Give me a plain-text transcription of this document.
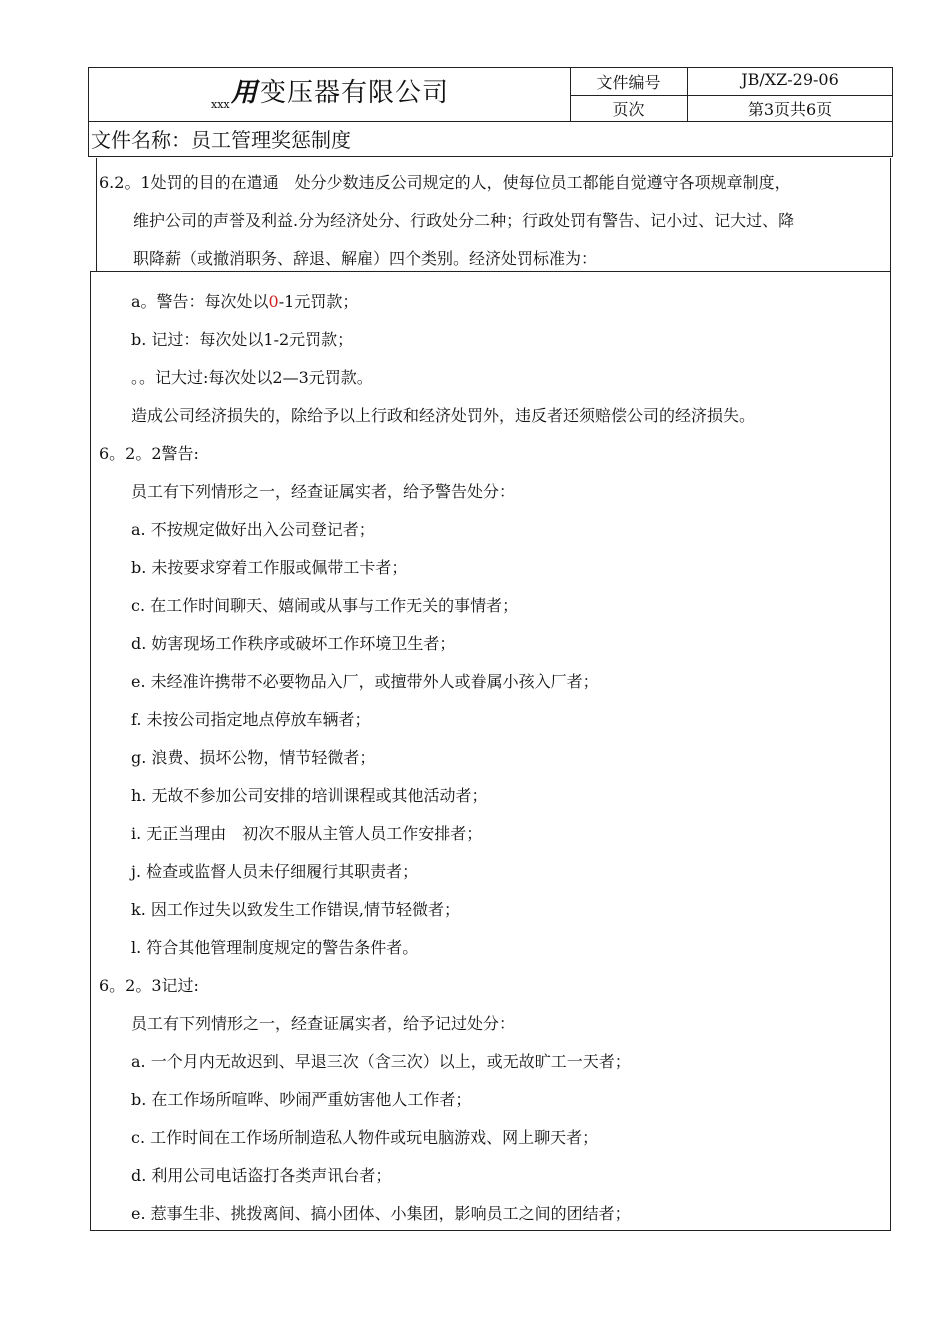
用变压器有限公司
xxx
文件编号	JB/XZ-29-06
页次	第3页共6页
文件名称：员工管理奖惩制度
6.2。1处罚的目的在遣通　处分少数违反公司规定的人，使每位员工都能自觉遵守各项规章制度，
维护公司的声誉及利益.分为经济处分、行政处分二种；行政处罚有警告、记小过、记大过、降
职降薪（或撤消职务、辞退、解雇）四个类别。经济处罚标准为：
a。警告：每次处以0-1元罚款；
b. 记过：每次处以1-2元罚款；
。。记大过:每次处以2—3元罚款。
造成公司经济损失的，除给予以上行政和经济处罚外，违反者还须赔偿公司的经济损失。
6。2。2警告:
员工有下列情形之一，经查证属实者，给予警告处分：
a. 不按规定做好出入公司登记者；
b. 未按要求穿着工作服或佩带工卡者；
c. 在工作时间聊天、嬉闹或从事与工作无关的事情者；
d. 妨害现场工作秩序或破坏工作环境卫生者；
e. 未经准许携带不必要物品入厂，或擅带外人或眷属小孩入厂者；
f. 未按公司指定地点停放车辆者；
g. 浪费、损坏公物，情节轻微者；
h. 无故不参加公司安排的培训课程或其他活动者；
i. 无正当理由　初次不服从主管人员工作安排者；
j. 检查或监督人员未仔细履行其职责者；
k. 因工作过失以致发生工作错误,情节轻微者；
l. 符合其他管理制度规定的警告条件者。
6。2。3记过:
员工有下列情形之一，经查证属实者，给予记过处分：
a. 一个月内无故迟到、早退三次（含三次）以上，或无故旷工一天者；
b. 在工作场所喧哗、吵闹严重妨害他人工作者；
c. 工作时间在工作场所制造私人物件或玩电脑游戏、网上聊天者；
d. 利用公司电话盗打各类声讯台者；
e. 惹事生非、挑拨离间、搞小团体、小集团，影响员工之间的团结者；
